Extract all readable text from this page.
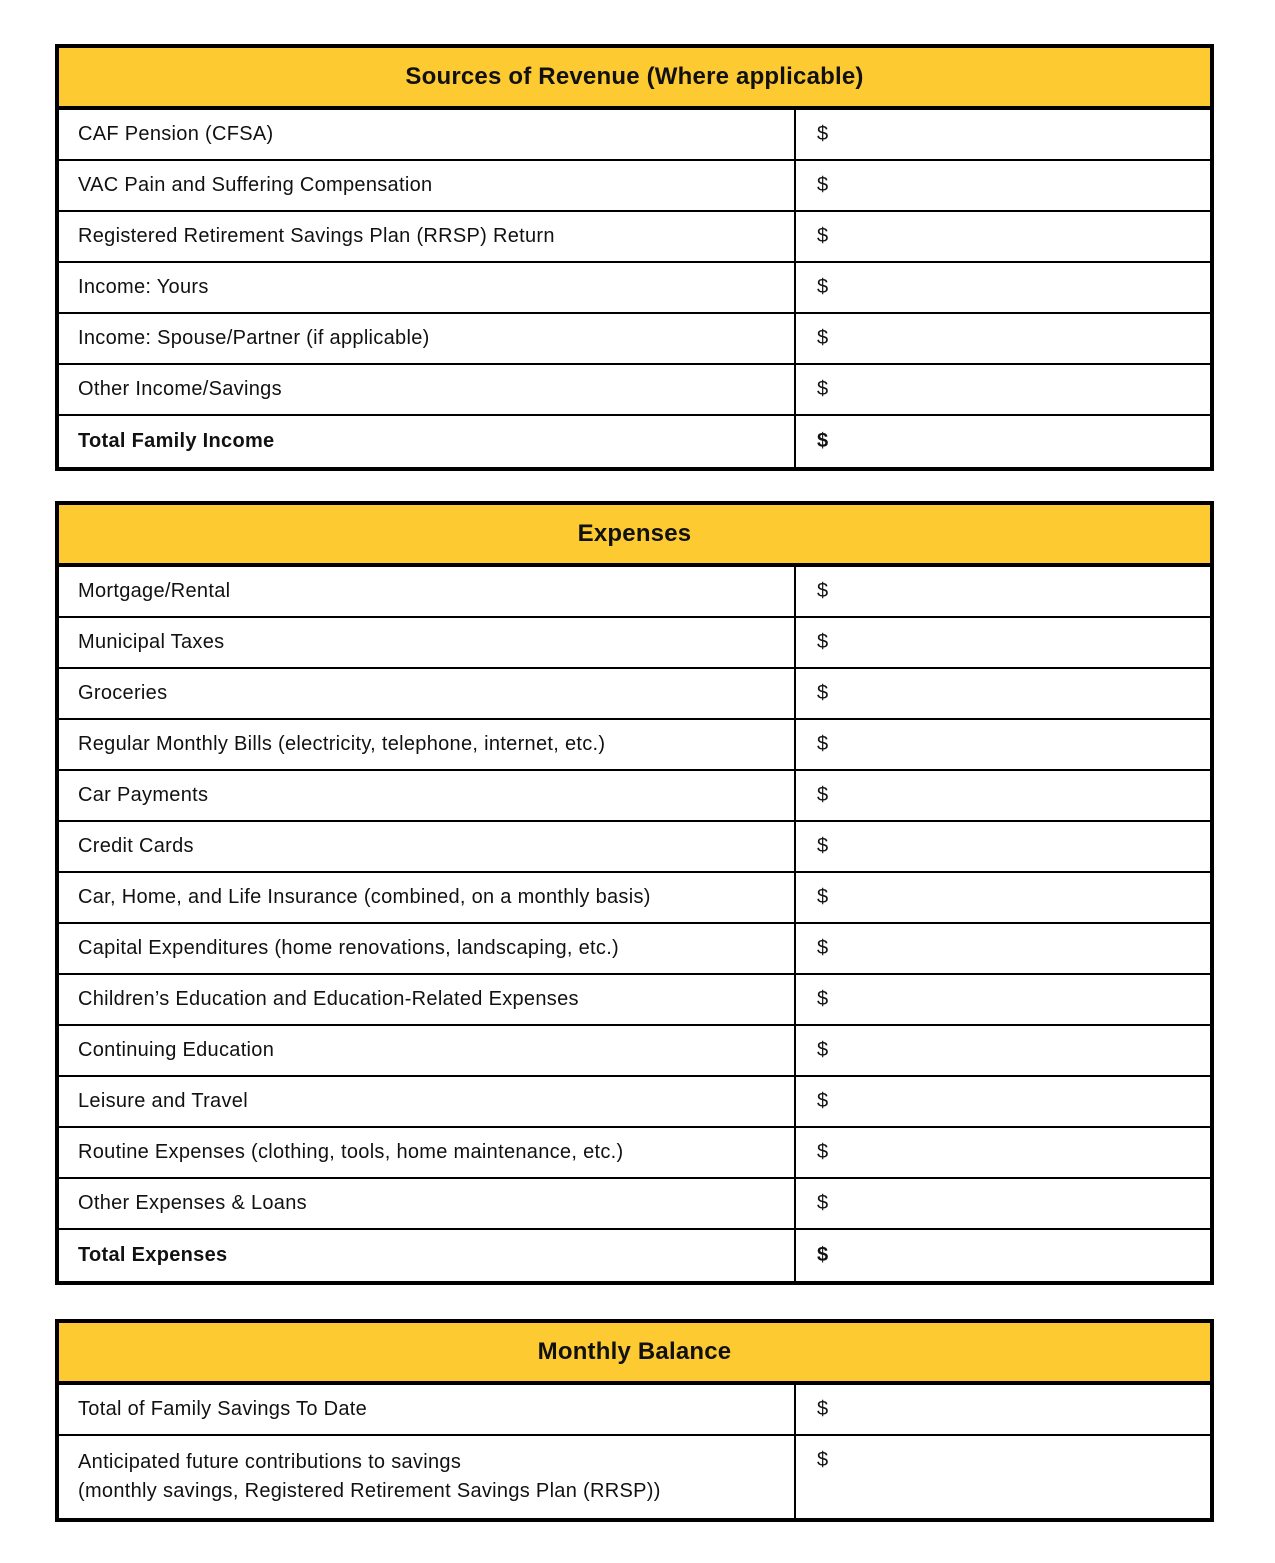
Sources of Revenue (Where applicable)
CAF Pension (CFSA)	$
VAC Pain and Suffering Compensation	$
Registered Retirement Savings Plan (RRSP) Return	$
Income: Yours	$
Income: Spouse/Partner (if applicable)	$
Other Income/Savings	$
Total Family Income	$
Expenses
Mortgage/Rental	$
Municipal Taxes	$
Groceries	$
Regular Monthly Bills (electricity, telephone, internet, etc.)	$
Car Payments	$
Credit Cards	$
Car, Home, and Life Insurance (combined, on a monthly basis)	$
Capital Expenditures (home renovations, landscaping, etc.)	$
Children’s Education and Education-Related Expenses	$
Continuing Education	$
Leisure and Travel	$
Routine Expenses (clothing, tools, home maintenance, etc.)	$
Other Expenses & Loans	$
Total Expenses	$
Monthly Balance
Total of Family Savings To Date	$
Anticipated future contributions to savings
(monthly savings, Registered Retirement Savings Plan (RRSP))
$
